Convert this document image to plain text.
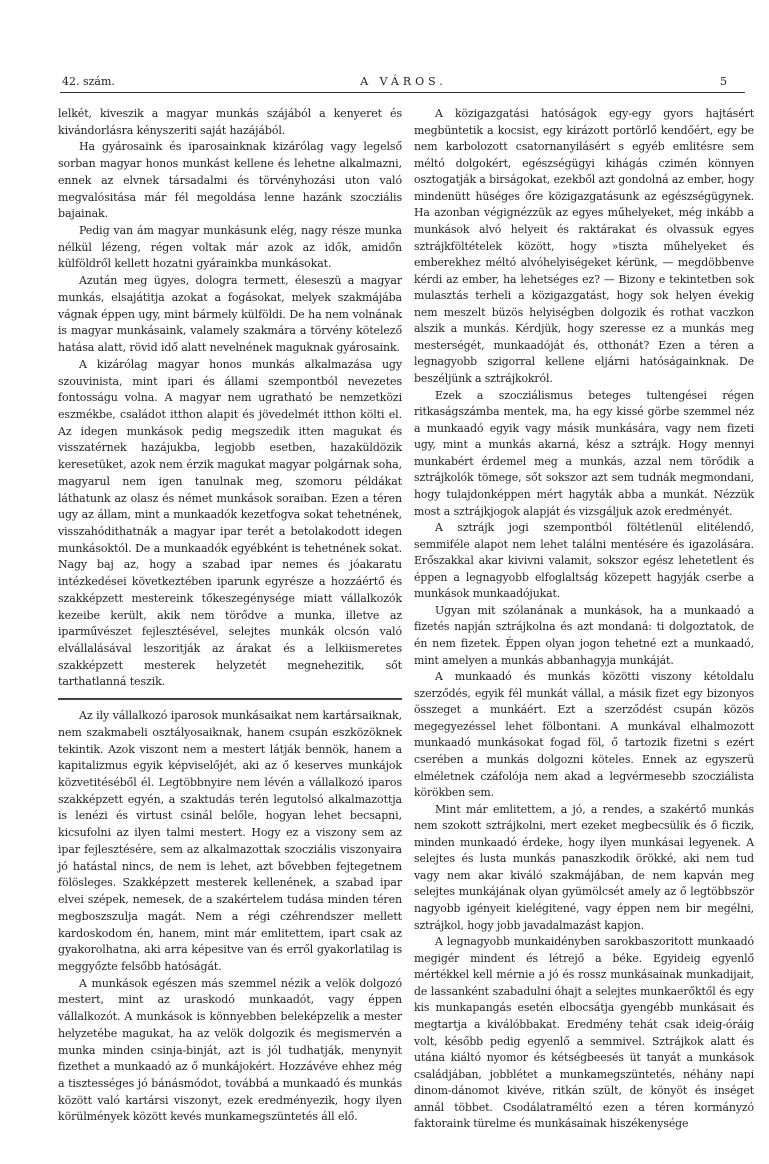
42. szám.	A VÁROS.	5

lelkét, kiveszik a magyar munkás szájából a kenyeret és kivándorlásra kényszeriti saját hazájából.

Ha gyárosaink és iparosainknak kizárólag vagy legelső sorban magyar honos munkást kellene és lehetne alkalmazni, ennek az elvnek társadalmi és törvényhozási uton való megvalósitása már fél megoldása lenne hazánk szocziális bajainak.

Pedig van ám magyar munkásunk elég, nagy része munka nélkül lézeng, régen voltak már azok az idők, amidőn külföldről kellett hozatni gyárainkba munkásokat.

Azután meg ügyes, dologra termett, éleseszü a magyar munkás, elsajátitja azokat a fogásokat, melyek szakmájába vágnak éppen ugy, mint bármely külföldi. De ha nem volnának is magyar munkásaink, valamely szakmára a törvény kötelező hatása alatt, rövid idő alatt nevelnének maguknak gyárosaink.

A kizárólag magyar honos munkás alkalmazása ugy szouvinista, mint ipari és állami szempontból nevezetes fontosságu volna. A magyar nem ugratható be nemzetközi eszmékbe, családot itthon alapit és jövedelmét itthon költi el. Az idegen munkások pedig megszedik itten magukat és visszatérnek hazájukba, legjobb esetben, hazaküldözik keresetüket, azok nem érzik magukat magyar polgárnak soha, magyarul nem igen tanulnak meg, szomoru példákat láthatunk az olasz és német munkások soraiban. Ezen a téren ugy az állam, mint a munkaadók kezetfogva sokat tehetnének, visszahódithatnák a magyar ipar terét a betolakodott idegen munkásoktól. De a munkaadók egyébként is tehetnének sokat. Nagy baj az, hogy a szabad ipar nemes és jóakaratu intézkedései következtében iparunk egyrésze a hozzáértő és szakképzett mestereink tőkeszegénysége miatt vállalkozók kezeibe került, akik nem törődve a munka, illetve az iparművészet fejlesztésével, selejtes munkák olcsón való elvállalásával leszoritják az árakat és a lelkiismeretes szakképzett mesterek helyzetét megnehezitik, sőt tarthatlanná teszik.

Az ily vállalkozó iparosok munkásaikat nem kartársaiknak, nem szakmabeli osztályosaiknak, hanem csupán eszközöknek tekintik. Azok viszont nem a mestert látják bennök, hanem a kapitalizmus egyik képviselőjét, aki az ő keserves munkájok közvetitéséből él. Legtöbbnyire nem lévén a vállalkozó iparos szakképzett egyén, a szaktudás terén legutolsó alkalmazottja is lenézi és virtust csinál belőle, hogyan lehet becsapni, kicsufolni az ilyen talmi mestert. Hogy ez a viszony sem az ipar fejlesztésére, sem az alkalmazottak szocziális viszonyaira jó hatástal nincs, de nem is lehet, azt bővebben fejtegetnem fölösleges. Szakképzett mesterek kellenének, a szabad ipar elvei szépek, nemesek, de a szakértelem tudása minden téren megboszszulja magát. Nem a régi czéhrendszer mellett kardoskodom én, hanem, mint már emlitettem, ipart csak az gyakorolhatna, aki arra képesitve van és erről gyakorlatilag is meggyőzte felsőbb hatóságát.

A munkások egészen más szemmel nézik a velök dolgozó mestert, mint az uraskodó munkaadót, vagy éppen vállalkozót. A munkások is könnyebben beleképzelik a mester helyzetébe magukat, ha az velök dolgozik és megismervén a munka minden csinja-binját, azt is jól tudhatják, menynyit fizethet a munkaadó az ő munkájokért. Hozzávéve ehhez még a tisztességes jó bánásmódot, továbbá a munkaadó és munkás között való kartársi viszonyt, ezek eredményezik, hogy ilyen körülmények között kevés munkamegszüntetés áll elő.

A közigazgatási hatóságok egy-egy gyors hajtásért megbüntetik a kocsist, egy kirázott portörlő kendőért, egy be nem karbolozott csatornanyilásért s egyéb emlitésre sem méltó dolgokért, egészségügyi kihágás czimén könnyen osztogatják a birságokat, ezekből azt gondolná az ember, hogy mindenütt hüséges őre közigazgatásunk az egészségügynek. Ha azonban végignézzük az egyes műhelyeket, még inkább a munkások alvó helyeit és raktárakat és olvassuk egyes sztrájkföltételek között, hogy »tiszta műhelyeket és emberekhez méltó alvóhelyiségeket kérünk, — megdöbbenve kérdi az ember, ha lehetséges ez? — Bizony e tekintetben sok mulasztás terheli a közigazgatást, hogy sok helyen évekig nem meszelt büzös helyiségben dolgozik és rothat vaczkon alszik a munkás. Kérdjük, hogy szeresse ez a munkás meg mesterségét, munkaadóját és, otthonát? Ezen a téren a legnagyobb szigorral kellene eljárni hatóságainknak. De beszéljünk a sztrájkokról.

Ezek a szocziálismus beteges tultengései régen ritkaságszámba mentek, ma, ha egy kissé görbe szemmel néz a munkaadó egyik vagy másik munkására, vagy nem fizeti ugy, mint a munkás akarná, kész a sztrájk. Hogy mennyi munkabért érdemel meg a munkás, azzal nem törődik a sztrájkolók tömege, sőt sokszor azt sem tudnák megmondani, hogy tulajdonképpen mért hagyták abba a munkát. Nézzük most a sztrájkjogok alapját és vizsgáljuk azok eredményét.

A sztrájk jogi szempontból föltétlenül elitélendő, semmiféle alapot nem lehet találni mentésére és igazolására. Erőszakkal akar kivivni valamit, sokszor egész lehetetlent és éppen a legnagyobb elfoglaltság közepett hagyják cserbe a munkások munkaadójukat.

Ugyan mit szólanának a munkások, ha a munkaadó a fizetés napján sztrájkolna és azt mondaná: ti dolgoztatok, de én nem fizetek. Éppen olyan jogon tehetné ezt a munkaadó, mint amelyen a munkás abbanhagyja munkáját.

A munkaadó és munkás közötti viszony kétoldalu szerződés, egyik fél munkát vállal, a másik fizet egy bizonyos összeget a munkáért. Ezt a szerződést csupán közös megegyezéssel lehet fölbontani. A munkával elhalmozott munkaadó munkásokat fogad föl, ő tartozik fizetni s ezért cserében a munkás dolgozni köteles. Ennek az egyszerü elméletnek czáfolója nem akad a legvérmesebb szocziálista körökben sem.

Mint már emlitettem, a jó, a rendes, a szakértő munkás nem szokott sztrájkolni, mert ezeket megbecsülik és ő ficzik, minden munkaadó érdeke, hogy ilyen munkásai legyenek. A selejtes és lusta munkás panaszkodik örökké, aki nem tud vagy nem akar kiváló szakmájában, de nem kapván meg selejtes munkájának olyan gyümölcsét amely az ő legtöbbször nagyobb igényeit kielégitené, vagy éppen nem bir megélni, sztrájkol, hogy jobb javadalmazást kapjon.

A legnagyobb munkaidényben sarokbaszoritott munkaadó megigér mindent és létrejő a béke. Egyideig egyenlő mértékkel kell mérnie a jó és rossz munkásainak munkadijait, de lassanként szabadulni óhajt a selejtes munkaerőktől és egy kis munkapangás esetén elbocsátja gyengébb munkásait és megtartja a kiválóbbakat. Eredmény tehát csak ideig-óráig volt, később pedig egyenlő a semmivel. Sztrájkok alatt és utána kiáltó nyomor és kétségbeesés üt tanyát a munkások családjában, jobblétet a munkamegszüntetés, néhány napi dinom-dánomot kivéve, ritkán szült, de könyöt és inséget annál többet. Csodálatraméltó ezen a téren kormányzó faktoraink türelme és munkásainak hiszékenysége
